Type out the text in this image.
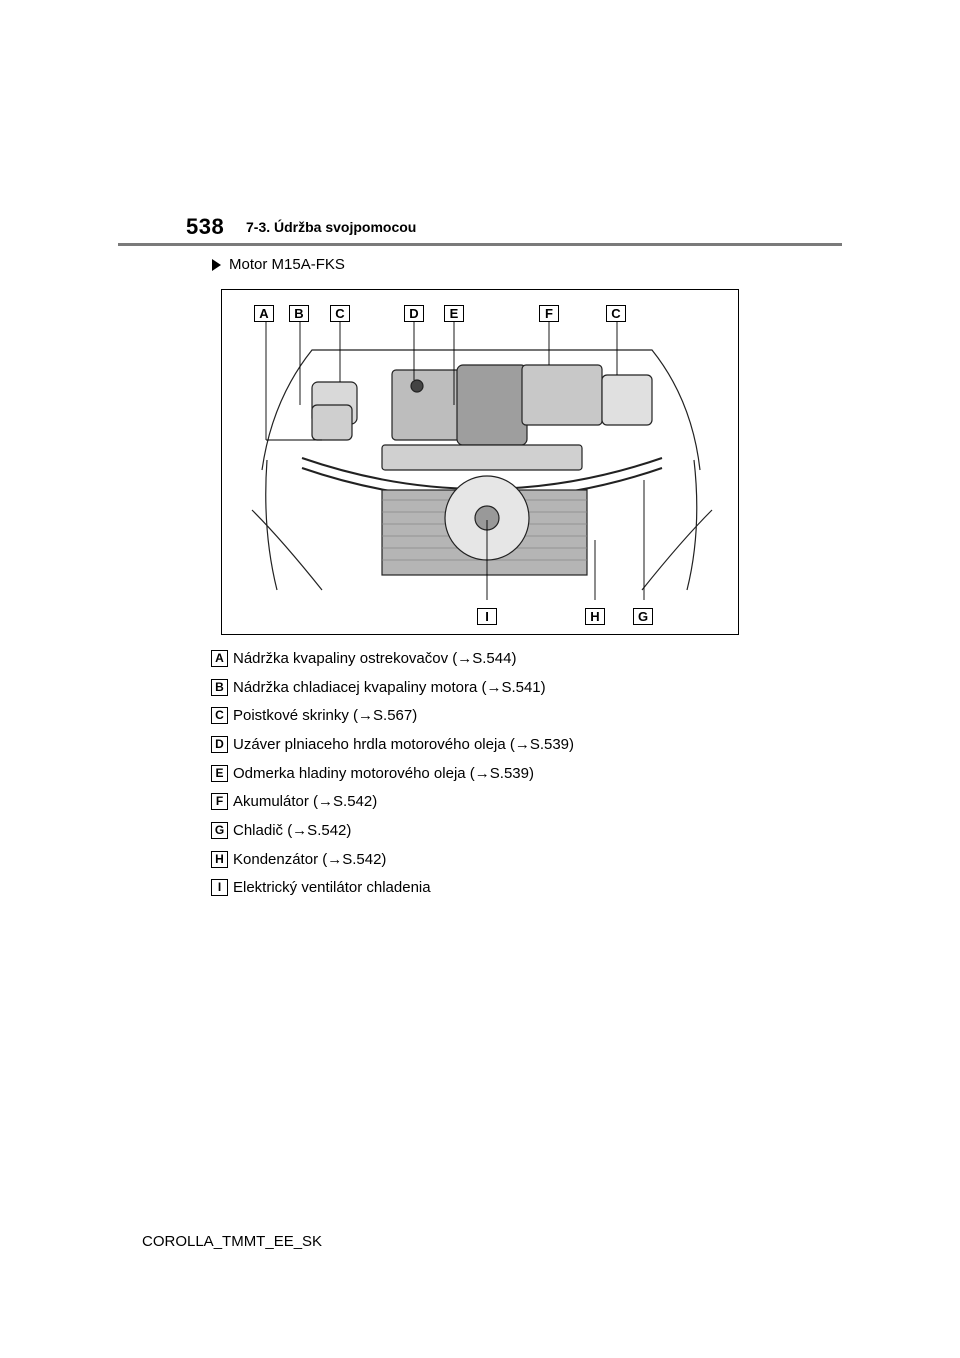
538 7-3. Údržba svojpomocou
Motor M15A-FKS
A	B	C	D	E	F	C
I	H	G
A Nádržka kvapaliny ostrekovačov (→S.544)
B Nádržka chladiacej kvapaliny motora (→S.541)
C Poistkové skrinky (→S.567)
D Uzáver plniaceho hrdla motorového oleja (→S.539)
E Odmerka hladiny motorového oleja (→S.539)
F Akumulátor (→S.542)
G Chladič (→S.542)
H Kondenzátor (→S.542)
I Elektrický ventilátor chladenia
COROLLA_TMMT_EE_SK
